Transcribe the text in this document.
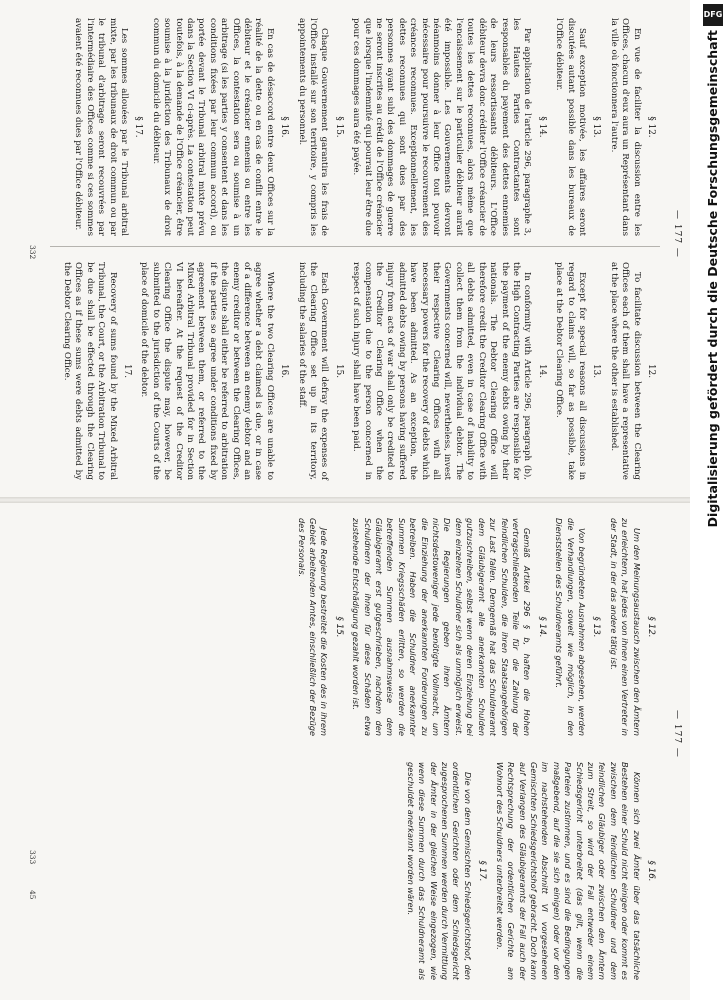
— 177 —
§ 12.

En vue de faciliter la discussion entre les Offices, chacun d'eux aura un Représentant dans la ville où fonctionnera l'autre.

§ 13.

Sauf exception motivée, les affaires seront discutées autant possible dans les bureaux de l'Office débiteur.

§ 14.

Par application de l'article 296, paragraphe 3, les Hautes Parties Contractantes sont responsables du payement des dettes ennemies de leurs ressortissants débiteurs. L'Office débiteur devra donc créditer l'Office créancier de toutes les dettes reconnues, alors même que l'encaissement sur le particulier débiteur aurait été impossible. Les Gouvernements devront néanmoins donner à leur Office tout pouvoir nécessaire pour poursuivre le recouvrement des créances reconnues. Exceptionnellement, les dettes reconnues qui sont dues par des personnes ayant subi des dommages de guerre ne seront inscrites au crédit de l'Office créancier que lorsque l'indemnité qui pourrait leur être due pour ces dommages aura été payée.

§ 15.

Chaque Gouvernement garantira les frais de l'Office installé sur son territoire, y compris les appointements du personnel.

§ 16.

En cas de désaccord entre deux Offices sur la réalité de la dette ou en cas de conflit entre le débiteur et le créancier ennemis ou entre les Offices, la contestation sera ou soumise à un arbitrage (si les parties y consentent et dans les conditions fixées par leur commun accord), ou portée devant le Tribunal arbitral mixte prévu dans la Section VI ci-après. La contestation peut toutefois, à la demande de l'Office créancier, être soumise à la juridiction des Tribunaux de droit commun du domicile du débiteur.

§ 17.

Les sommes allouées par le Tribunal arbitral mixte, par les tribunaux de droit commun ou par le tribunal d'arbitrage seront recouvrées par l'intermédiaire des Offices comme si ces sommes avaient été reconnues dues par l'Office débiteur.

12.

To facilitate discussion between the Clearing Offices each of them shall have a representative at the place where the other is established.

13.

Except for special reasons all discussions in regard to claims will, so far as possible, take place at the Debtor Clearing Office.

14.

In conformity with Article 296, paragraph (b), the High Contracting Parties are responsible for the payment of the enemy debts owing by their nationals. The Debtor Clearing Office will therefore credit the Creditor Clearing Office with all debts admitted, even in case of inability to collect them from the individual debtor. The Governments concerned will, nevertheless, invest their respective Clearing Offices with all necessary powers for the recovery of debts which have been admitted. As an exception, the admitted debts owing by persons having suffered injury from acts of war shall only be credited to the Creditor Clearing Office when the compensation due to the person concerned in respect of such injury shall have been paid.

15.

Each Government will defray the expenses of the Clearing Office set up in its territory, including the salaries of the staff.

16.

Where the two Clearing Offices are unable to agree whether a debt claimed is due, or in case of a difference between an enemy debtor and an enemy creditor or between the Clearing Offices, the dispute shall either be referred to arbitration if the parties so agree under conditions fixed by agreement between them, or referred to the Mixed Arbitral Tribunal provided for in Section VI hereafter. At the request of the Creditor Clearing Office the dispute may, however, be submitted to the jurisdiction of the Courts of the place of domicile of the debtor.

17.

Recovery of sums found by the Mixed Arbitral Tribunal, the Court, or the Arbitration Tribunal to be due shall be effected through the Clearing Offices as if these sums were debts admitted by the Debtor Clearing Office.

332
— 177 —
§ 12.

Um den Meinungsaustausch zwischen den Ämtern zu erleichtern, hat jedes von ihnen einen Vertreter in der Stadt, in der das andere tätig ist.

§ 13.

Von begründeten Ausnahmen abgesehen, werden die Verhandlungen, soweit wie möglich, in den Dienststellen des Schuldneramts geführt.

§ 14.

Gemäß Artikel 296 § b, haften die Hohen vertragschließenden Teile für die Zahlung der feindlichen Schulden, die ihren Staatsangehörigen zur Last fallen. Demgemäß hat das Schuldneramt dem Gläubigeramt alle anerkannten Schulden gutzuschreiben, selbst wenn deren Einziehung bei dem einzelnen Schuldner sich als unmöglich erweist. Die Regierungen geben ihren Ämtern nichtsdestoweniger jede benötigte Vollmacht, um die Einziehung der anerkannten Forderungen zu betreiben. Haben die Schuldner anerkannter Summen Kriegsschäden erlitten, so werden die betreffenden Summen ausnahmsweise dem Gläubigeramt erst gutgeschrieben, nachdem den Schuldnern der ihnen für diese Schäden etwa zustehende Entschädigung gezahlt worden ist.

§ 15.

Jede Regierung bestreitet die Kosten des in ihrem Gebiet arbeitenden Amtes, einschließlich der Bezüge des Personals.

§ 16.

Können sich zwei Ämter über das tatsächliche Bestehen einer Schuld nicht einigen oder kommt es zwischen dem feindlichen Schuldner und dem feindlichen Gläubiger oder zwischen den Ämtern zum Streit, so wird der Fall entweder einem Schiedsgericht unterbreitet (das gilt, wenn die Parteien zustimmen, und es sind die Bedingungen maßgebend, auf die sie sich einigen) oder vor den im nachstehenden Abschnitt VI vorgesehenen Gemischten Schiedsgerichtshof gebracht. Doch kann auf Verlangen des Gläubigeramts der Fall auch der Rechtsprechung der ordentlichen Gerichte am Wohnort des Schuldners unterbreitet werden.

§ 17.

Die von dem Gemischten Schiedsgerichtshof, den ordentlichen Gerichten oder dem Schiedsgericht zugesprochenen Summen werden durch Vermittlung der Ämter in der gleichen Weise eingezogen, wie wenn diese Summen durch das Schuldneramt als geschuldet anerkannt worden wären.

333
45
Digitalisierung gefördert durch die Deutsche Forschungsgemeinschaft
DFG
